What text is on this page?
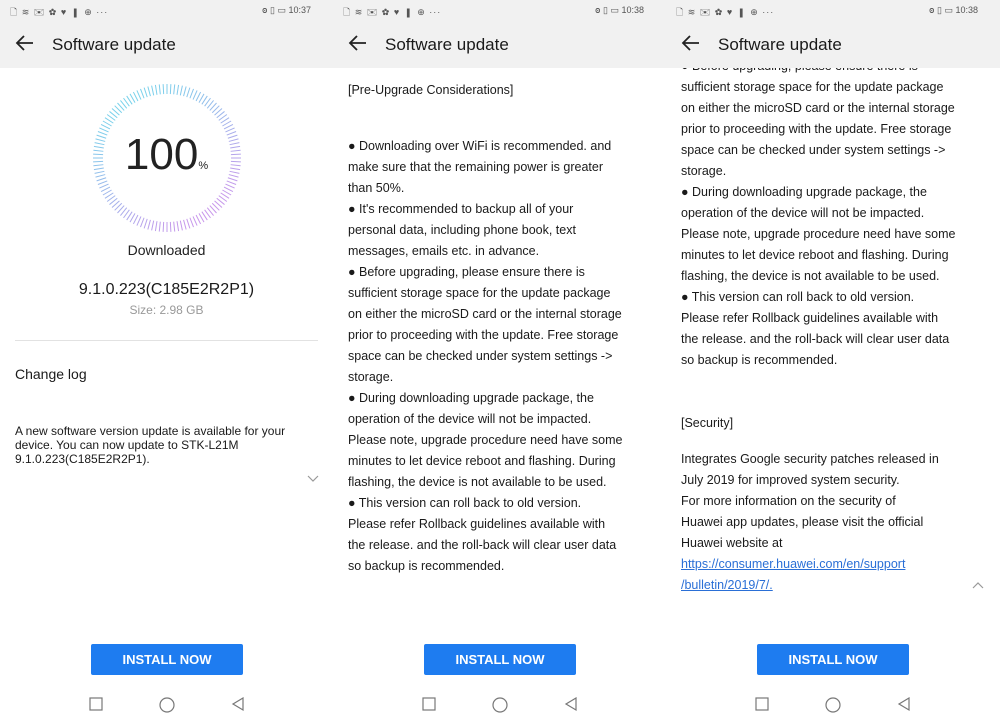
🗋 ≋ ✉ ✿ ♥ ▮ ⊕ ···	ꙩ ▯ ▭ 10:37
Software update
100%
Downloaded
9.1.0.223(C185E2R2P1)
Size: 2.98 GB
Change log
A new software version update is available for your device. You can now update to STK-L21M 9.1.0.223(C185E2R2P1).
INSTALL NOW
🗋 ≋ ✉ ✿ ♥ ▮ ⊕ ···	ꙩ ▯ ▭ 10:38
Software update

[Pre-Upgrade Considerations]

● Downloading over WiFi is recommended. and

make sure that the remaining power is greater

than 50%.

● It's recommended to backup all of your

personal data, including phone book, text

messages, emails etc. in advance.

● Before upgrading, please ensure there is

sufficient storage space for the update package

on either the microSD card or the internal storage

prior to proceeding with the update. Free storage

space can be checked under system settings ->

storage.

● During downloading upgrade package, the

operation of the device will not be impacted.

Please note, upgrade procedure need have some

minutes to let device reboot and flashing. During

flashing, the device is not available to be used.

● This version can roll back to old version.

Please refer Rollback guidelines available with

the release. and the roll-back will clear user data

so backup is recommended.

INSTALL NOW

sufficient storage space for the update package

on either the microSD card or the internal storage

prior to proceeding with the update. Free storage

space can be checked under system settings ->

storage.

● During downloading upgrade package, the

operation of the device will not be impacted.

Please note, upgrade procedure need have some

minutes to let device reboot and flashing. During

flashing, the device is not available to be used.

● This version can roll back to old version.

Please refer Rollback guidelines available with

the release. and the roll-back will clear user data

so backup is recommended.

[Security]

Integrates Google security patches released in

July 2019 for improved system security.

For more information on the security of

Huawei app updates, please visit the official

Huawei website at

https://consumer.huawei.com/en/support

/bulletin/2019/7/.

🗋 ≋ ✉ ✿ ♥ ▮ ⊕ ···	ꙩ ▯ ▭ 10:38
Software update
INSTALL NOW
